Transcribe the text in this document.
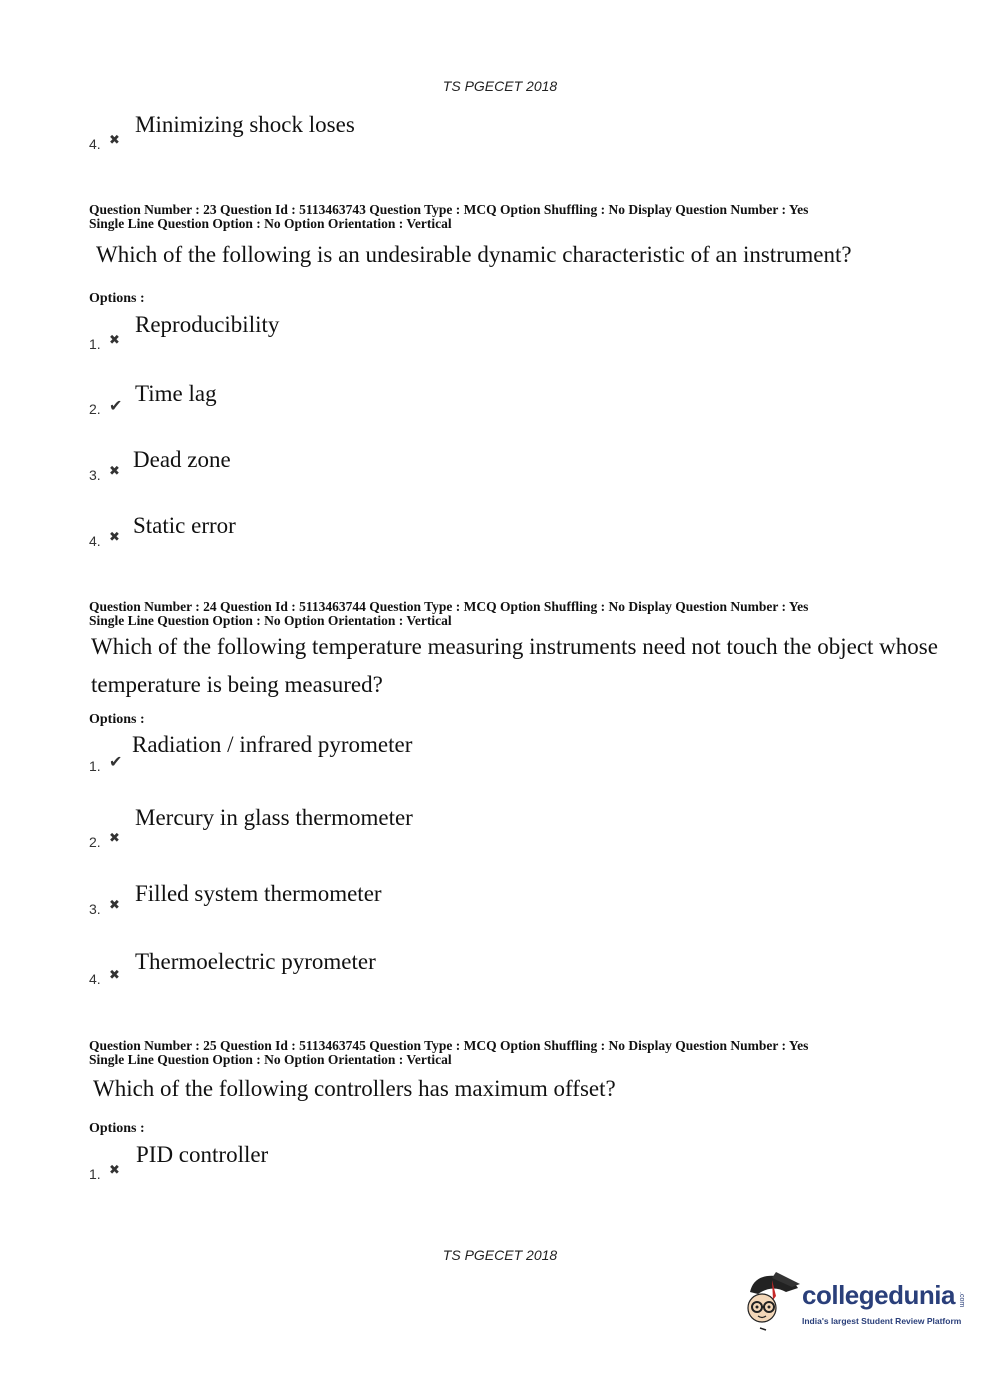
TS PGECET 2018
4. ✖
Minimizing shock loses
Question Number : 23 Question Id : 5113463743 Question Type : MCQ Option Shuffling : No Display Question Number : Yes
Single Line Question Option : No Option Orientation : Vertical
Which of the following is an undesirable dynamic characteristic of an instrument?
Options :
1. ✖
Reproducibility
2. ✔
Time lag
3. ✖ Dead zone
4. ✖ Static error
Question Number : 24 Question Id : 5113463744 Question Type : MCQ Option Shuffling : No Display Question Number : Yes
Single Line Question Option : No Option Orientation : Vertical
Which of the following temperature measuring instruments need not touch the object whose
temperature is being measured?
Options :
1. ✔
Radiation / infrared pyrometer
2. ✖
Mercury in glass thermometer
3. ✖ Filled system thermometer
4. ✖
Thermoelectric pyrometer
Question Number : 25 Question Id : 5113463745 Question Type : MCQ Option Shuffling : No Display Question Number : Yes
Single Line Question Option : No Option Orientation : Vertical
Which of the following controllers has maximum offset?
Options :
1. ✖
PID controller
TS PGECET 2018
collegedunia .com
India's largest Student Review Platform
